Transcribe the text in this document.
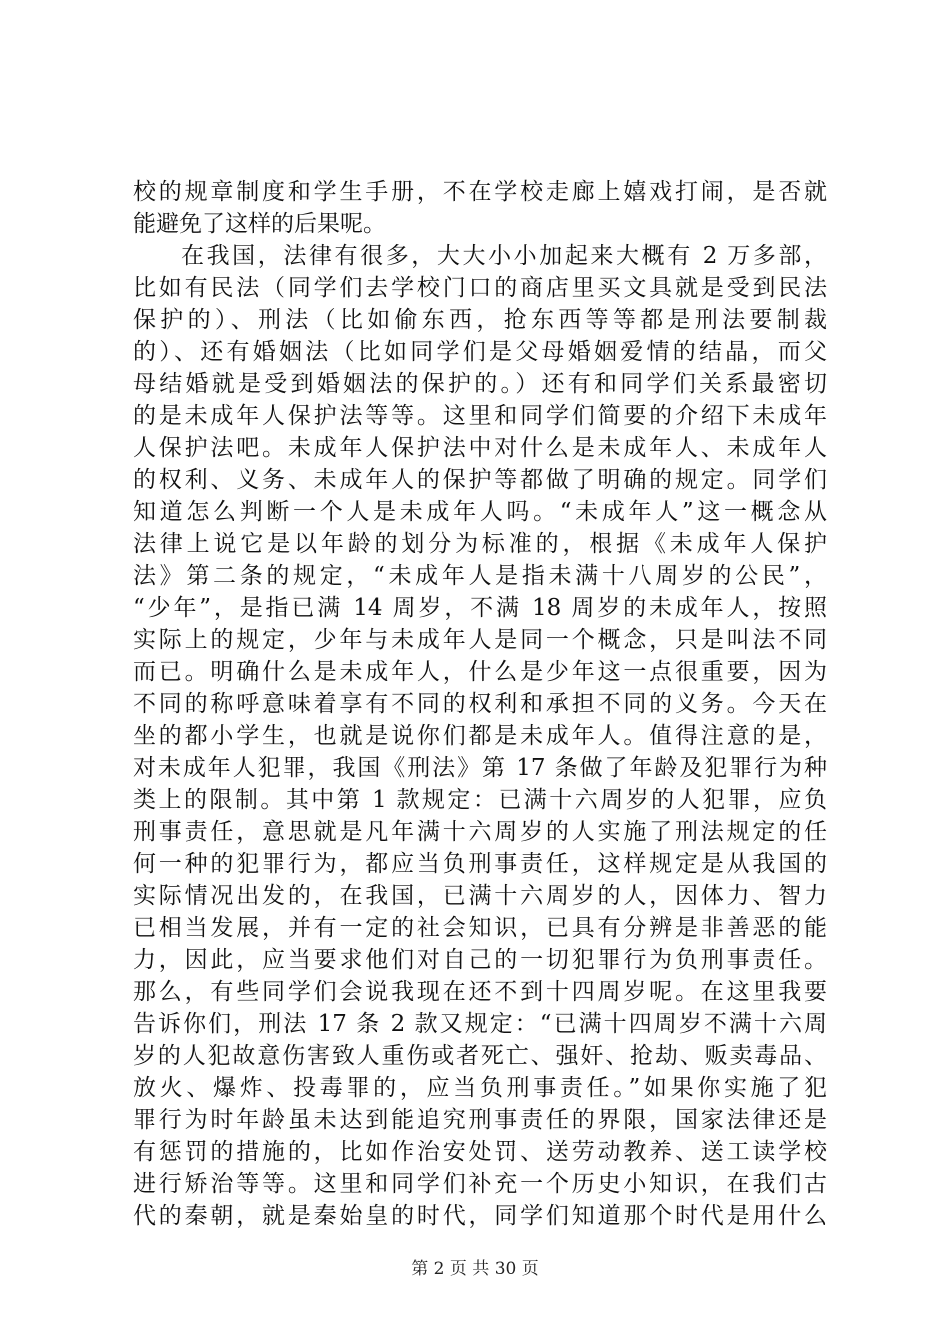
校的规章制度和学生手册，不在学校走廊上嬉戏打闹，是否就
能避免了这样的后果呢。
在我国，法律有很多，大大小小加起来大概有 2 万多部，
比如有民法（同学们去学校门口的商店里买文具就是受到民法
保护的）、刑法（比如偷东西，抢东西等等都是刑法要制裁
的）、还有婚姻法（比如同学们是父母婚姻爱情的结晶，而父
母结婚就是受到婚姻法的保护的。）还有和同学们关系最密切
的是未成年人保护法等等。这里和同学们简要的介绍下未成年
人保护法吧。未成年人保护法中对什么是未成年人、未成年人
的权利、义务、未成年人的保护等都做了明确的规定。同学们
知道怎么判断一个人是未成年人吗。“未成年人”这一概念从
法律上说它是以年龄的划分为标准的，根据《未成年人保护
法》第二条的规定，“未成年人是指未满十八周岁的公民”，
“少年”，是指已满 14 周岁，不满 18 周岁的未成年人，按照
实际上的规定，少年与未成年人是同一个概念，只是叫法不同
而已。明确什么是未成年人，什么是少年这一点很重要，因为
不同的称呼意味着享有不同的权利和承担不同的义务。今天在
坐的都小学生，也就是说你们都是未成年人。值得注意的是，
对未成年人犯罪，我国《刑法》第 17 条做了年龄及犯罪行为种
类上的限制。其中第 1 款规定：已满十六周岁的人犯罪，应负
刑事责任，意思就是凡年满十六周岁的人实施了刑法规定的任
何一种的犯罪行为，都应当负刑事责任，这样规定是从我国的
实际情况出发的，在我国，已满十六周岁的人，因体力、智力
已相当发展，并有一定的社会知识，已具有分辨是非善恶的能
力，因此，应当要求他们对自己的一切犯罪行为负刑事责任。
那么，有些同学们会说我现在还不到十四周岁呢。在这里我要
告诉你们，刑法 17 条 2 款又规定：“已满十四周岁不满十六周
岁的人犯故意伤害致人重伤或者死亡、强奸、抢劫、贩卖毒品、
放火、爆炸、投毒罪的，应当负刑事责任。”如果你实施了犯
罪行为时年龄虽未达到能追究刑事责任的界限，国家法律还是
有惩罚的措施的，比如作治安处罚、送劳动教养、送工读学校
进行矫治等等。这里和同学们补充一个历史小知识，在我们古
代的秦朝，就是秦始皇的时代，同学们知道那个时代是用什么
第 2 页 共 30 页
